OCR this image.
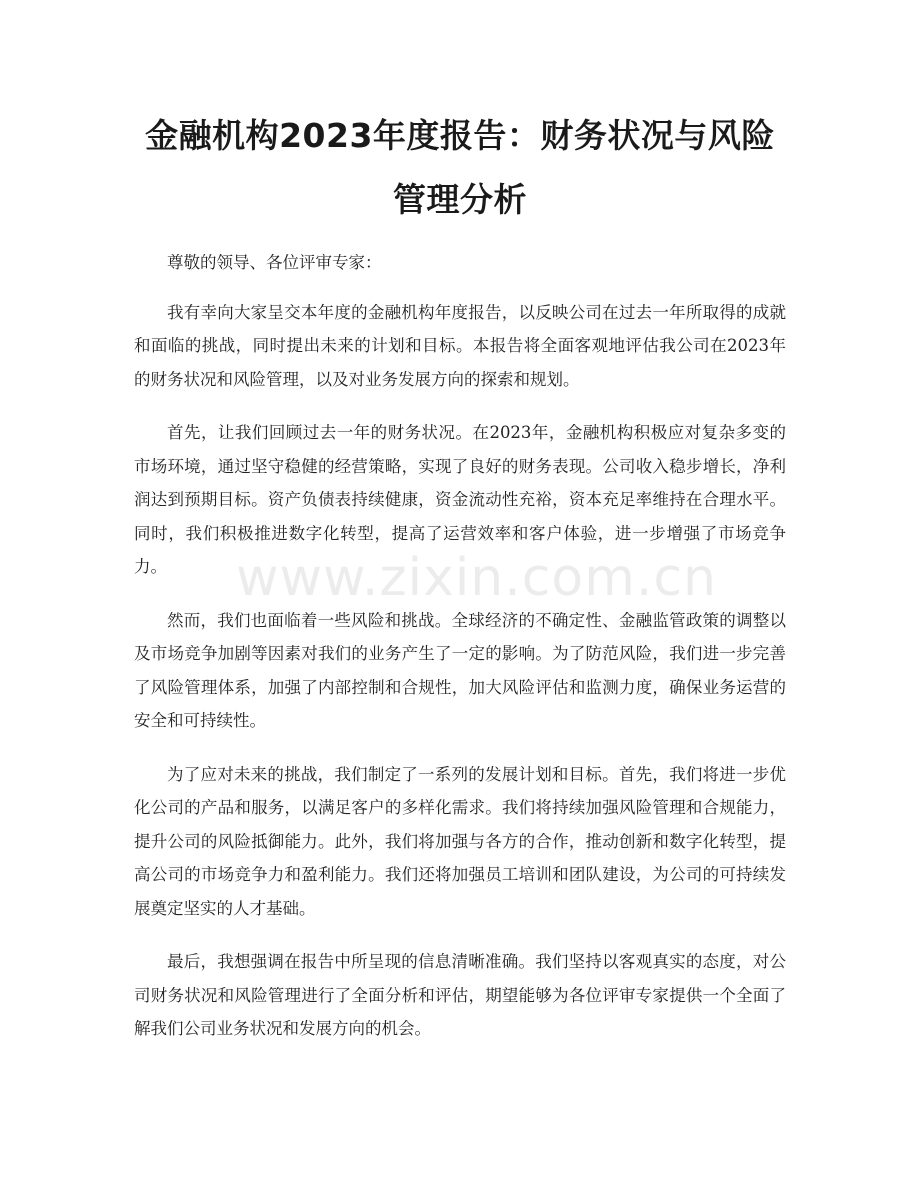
金融机构2023年度报告：财务状况与风险管理分析

尊敬的领导、各位评审专家：

我有幸向大家呈交本年度的金融机构年度报告，以反映公司在过去一年所取得的成就和面临的挑战，同时提出未来的计划和目标。本报告将全面客观地评估我公司在2023年的财务状况和风险管理，以及对业务发展方向的探索和规划。

首先，让我们回顾过去一年的财务状况。在2023年，金融机构积极应对复杂多变的市场环境，通过坚守稳健的经营策略，实现了良好的财务表现。公司收入稳步增长，净利润达到预期目标。资产负债表持续健康，资金流动性充裕，资本充足率维持在合理水平。同时，我们积极推进数字化转型，提高了运营效率和客户体验，进一步增强了市场竞争力。

然而，我们也面临着一些风险和挑战。全球经济的不确定性、金融监管政策的调整以及市场竞争加剧等因素对我们的业务产生了一定的影响。为了防范风险，我们进一步完善了风险管理体系，加强了内部控制和合规性，加大风险评估和监测力度，确保业务运营的安全和可持续性。

为了应对未来的挑战，我们制定了一系列的发展计划和目标。首先，我们将进一步优化公司的产品和服务，以满足客户的多样化需求。我们将持续加强风险管理和合规能力，提升公司的风险抵御能力。此外，我们将加强与各方的合作，推动创新和数字化转型，提高公司的市场竞争力和盈利能力。我们还将加强员工培训和团队建设，为公司的可持续发展奠定坚实的人才基础。

最后，我想强调在报告中所呈现的信息清晰准确。我们坚持以客观真实的态度，对公司财务状况和风险管理进行了全面分析和评估，期望能够为各位评审专家提供一个全面了解我们公司业务状况和发展方向的机会。

www.zixin.com.cn
